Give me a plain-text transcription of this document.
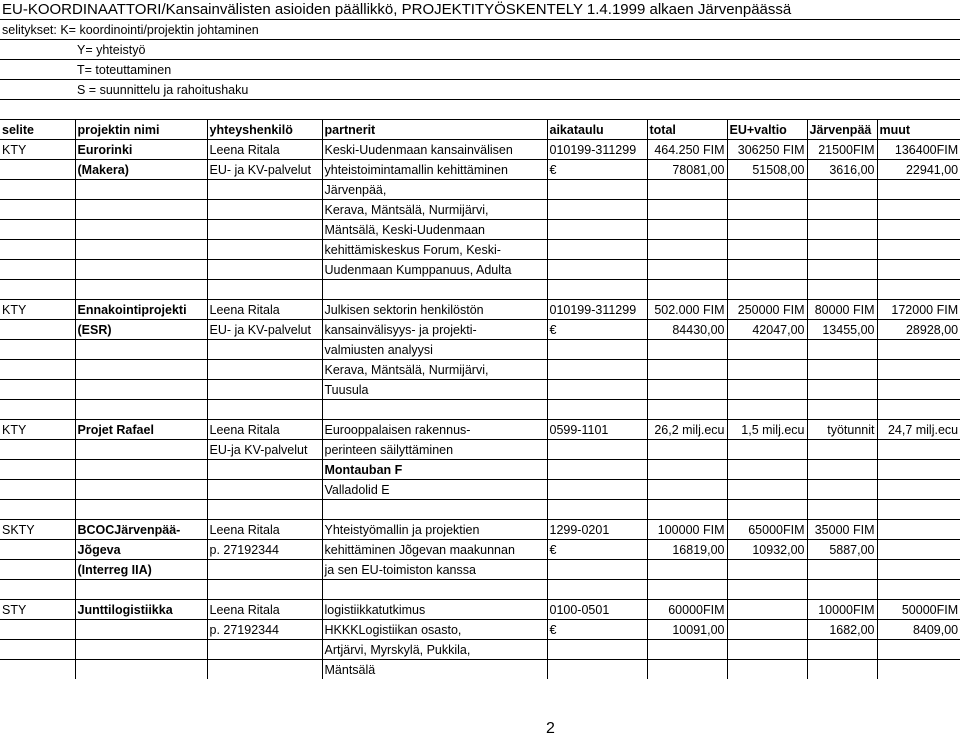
EU-KOORDINAATTORI/Kansainvälisten asioiden päällikkö, PROJEKTITYÖSKENTELY 1.4.1999 alkaen Järvenpäässä								
selitykset: K= koordinointi/projektin johtaminen								
	Y= yhteistyö							
	T= toteuttaminen							
	S = suunnittelu ja rahoitushaku							

selite	projektin nimi	yhteyshenkilö	partnerit	aikataulu	total	EU+valtio	Järvenpää	muut
KTY	Eurorinki	Leena Ritala	Keski-Uudenmaan kansainvälisen	010199-311299	464.250 FIM	306250 FIM	21500FIM	136400FIM
	(Makera)	EU- ja KV-palvelut	yhteistoimintamallin kehittäminen	€	78081,00	51508,00	3616,00	22941,00
			Järvenpää,					
			Kerava, Mäntsälä, Nurmijärvi,					
			Mäntsälä, Keski-Uudenmaan					
			kehittämiskeskus Forum, Keski-					
			Uudenmaan Kumppanuus, Adulta					

KTY	Ennakointiprojekti	Leena Ritala	Julkisen sektorin henkilöstön	010199-311299	502.000 FIM	250000 FIM	80000 FIM	172000 FIM
	(ESR)	EU- ja KV-palvelut	kansainvälisyys- ja projekti-	€	84430,00	42047,00	13455,00	28928,00
			valmiusten analyysi					
			Kerava, Mäntsälä, Nurmijärvi,					
			Tuusula					

KTY	Projet Rafael	Leena Ritala	Eurooppalaisen rakennus-	0599-1101	26,2 milj.ecu	1,5 milj.ecu	työtunnit	24,7 milj.ecu
		EU-ja KV-palvelut	perinteen säilyttäminen					
			Montauban F					
			Valladolid E					

SKTY	BCOCJärvenpää-	Leena Ritala	Yhteistyömallin ja projektien	1299-0201	100000 FIM	65000FIM	35000 FIM	
	Jõgeva	p. 27192344	kehittäminen Jõgevan maakunnan	€	16819,00	10932,00	5887,00	
	(Interreg IIA)		ja sen EU-toimiston kanssa					

STY	Junttilogistiikka	Leena Ritala	logistiikkatutkimus	0100-0501	60000FIM		10000FIM	50000FIM
		p. 27192344	HKKKLogistiikan osasto,	€	10091,00		1682,00	8409,00
			Artjärvi, Myrskylä, Pukkila,					
			Mäntsälä					
2
